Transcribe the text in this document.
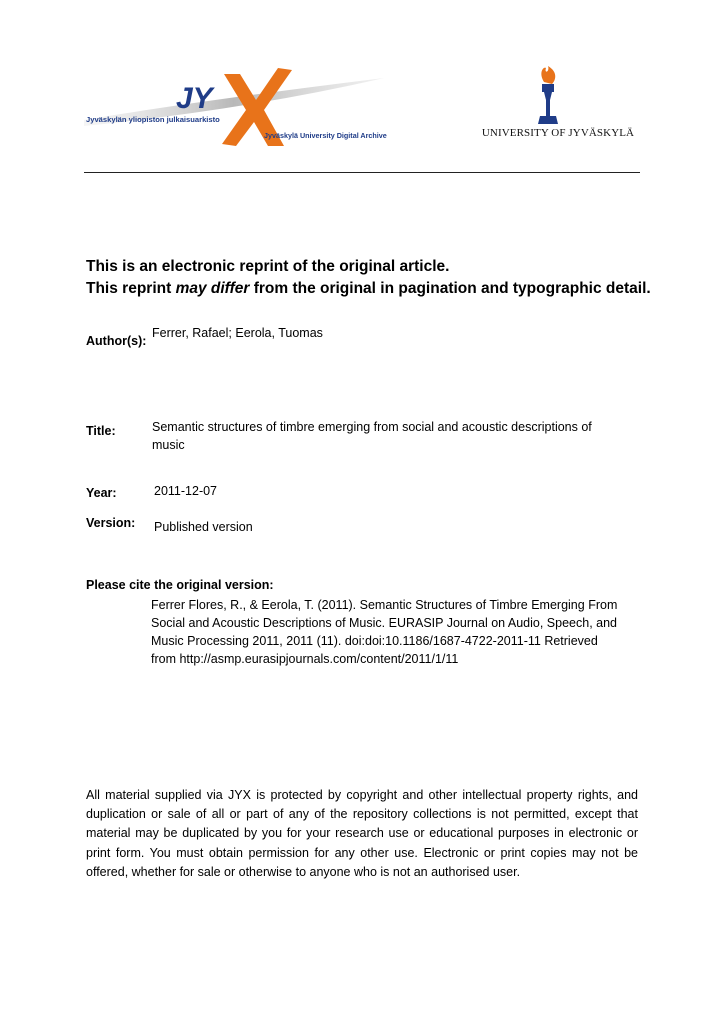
JY
Jyväskylän yliopiston julkaisuarkisto
Jyväskylä University Digital Archive	UNIVERSITY OF JYVÄSKYLÄ
This is an electronic reprint of the original article.
This reprint may differ from the original in pagination and typographic detail.
Author(s):
Ferrer, Rafael; Eerola, Tuomas
Title:	Semantic structures of timbre emerging from social and acoustic descriptions of music
Year:	2011-12-07
Version: Published version
Please cite the original version:
Ferrer Flores, R., & Eerola, T. (2011). Semantic Structures of Timbre Emerging From Social and Acoustic Descriptions of Music. EURASIP Journal on Audio, Speech, and Music Processing 2011, 2011 (11). doi:doi:10.1186/1687-4722-2011-11 Retrieved from http://asmp.eurasipjournals.com/content/2011/1/11
All material supplied via JYX is protected by copyright and other intellectual property rights, and duplication or sale of all or part of any of the repository collections is not permitted, except that material may be duplicated by you for your research use or educational purposes in electronic or print form. You must obtain permission for any other use. Electronic or print copies may not be offered, whether for sale or otherwise to anyone who is not an authorised user.
